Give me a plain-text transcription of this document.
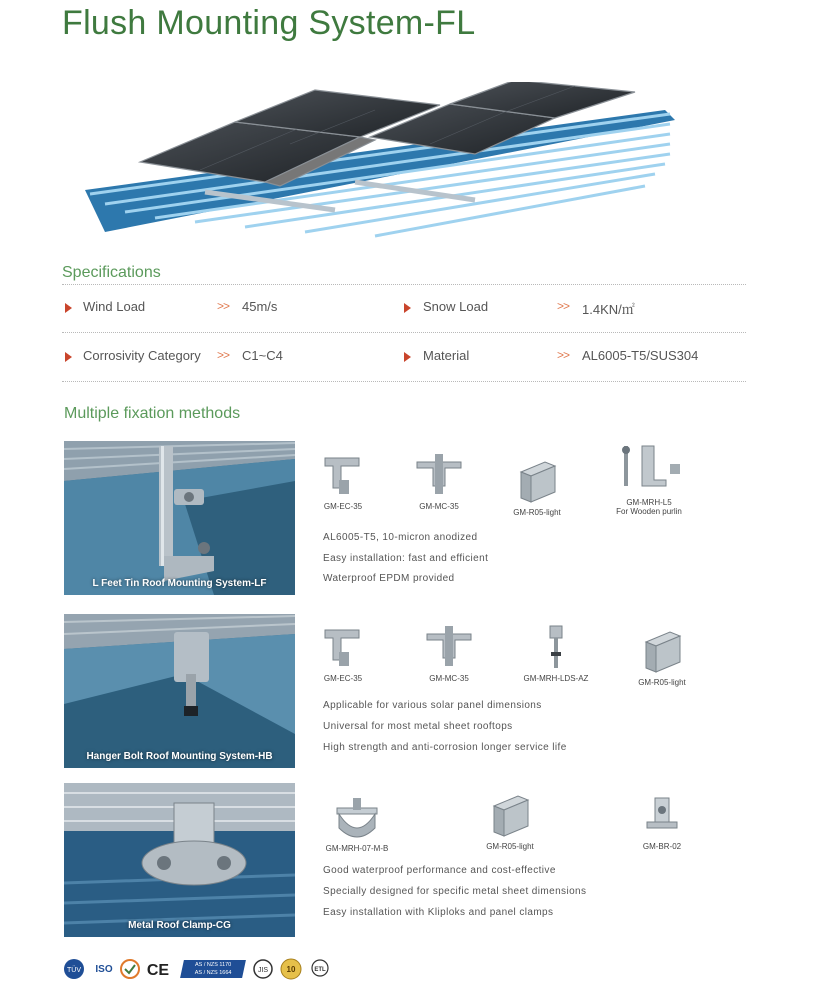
Flush Mounting System-FL
Specifications
Wind Load	>> 45m/s	Snow Load	>> 1.4KN/㎡
Corrosivity Category >> C1~C4	Material	>> AL6005-T5/SUS304
Multiple fixation methods
L Feet Tin Roof Mounting System-LF
GM-EC-35	GM-MC-35
GM-R05-light
GM-MRH-L5
For Wooden purlin
AL6005-T5, 10-micron anodized
Easy installation: fast and efficient
Waterproof EPDM provided
Hanger Bolt Roof Mounting System-HB
GM-EC-35	GM-MC-35	GM-MRH-LDS-AZ	GM-R05-light
Applicable for various solar panel dimensions
Universal for most metal sheet rooftops
High strength and anti-corrosion longer service life
Metal Roof Clamp-CG
GM-MRH-07-M-B	GM-R05-light	GM-BR-02
Good waterproof performance and cost-effective
Specially designed for specific metal sheet dimensions
Easy installation with Kliploks and panel clamps
TÜV ISO CE	AS / NZS 1170
AS / NZS 1664	JIS 10	ETL
